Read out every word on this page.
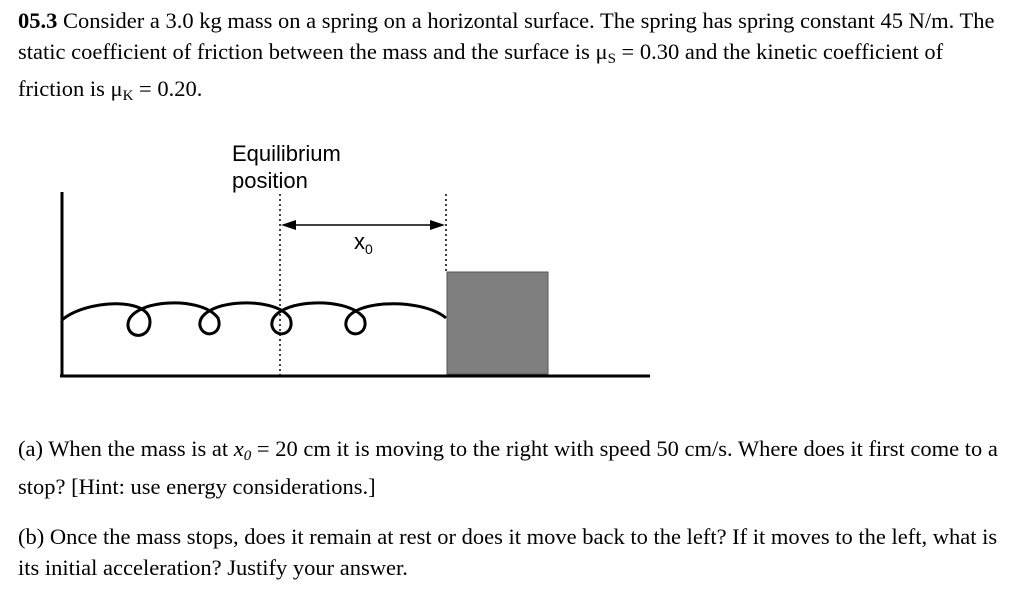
05.3 Consider a 3.0 kg mass on a spring on a horizontal surface. The spring has spring constant 45 N/m. The static coefficient of friction between the mass and the surface is $\mu_S = 0.30$ and the kinetic coefficient of friction is $\mu_K = 0.20$.
Equilibrium
position
$x_0$
(a) When the mass is at $x_0 = 20$ cm it is moving to the right with speed 50 cm/s. Where does it first come to a stop? [Hint: use energy considerations.]
(b) Once the mass stops, does it remain at rest or does it move back to the left? If it moves to the left, what is its initial acceleration? Justify your answer.
